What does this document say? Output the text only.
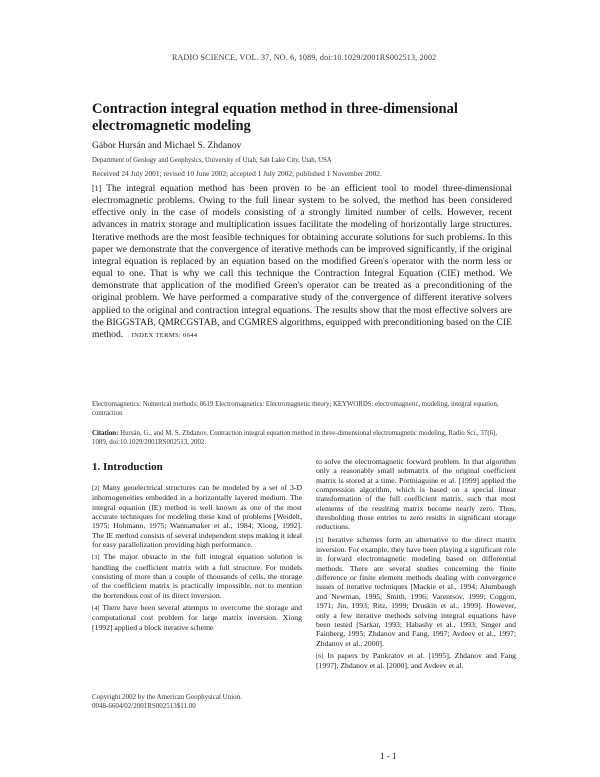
RADIO SCIENCE, VOL. 37, NO. 6, 1089, doi:10.1029/2001RS002513, 2002
Contraction integral equation method in three-dimensional electromagnetic modeling
Gábor Hursán and Michael S. Zhdanov
Department of Geology and Geophysics, University of Utah, Salt Lake City, Utah, USA
Received 24 July 2001; revised 10 June 2002; accepted 1 July 2002; published 1 November 2002.
[1] The integral equation method has been proven to be an efficient tool to model three-dimensional electromagnetic problems. Owing to the full linear system to be solved, the method has been considered effective only in the case of models consisting of a strongly limited number of cells. However, recent advances in matrix storage and multiplication issues facilitate the modeling of horizontally large structures. Iterative methods are the most feasible techniques for obtaining accurate solutions for such problems. In this paper we demonstrate that the convergence of iterative methods can be improved significantly, if the original integral equation is replaced by an equation based on the modified Green's operator with the norm less or equal to one. That is why we call this technique the Contraction Integral Equation (CIE) method. We demonstrate that application of the modified Green's operator can be treated as a preconditioning of the original problem. We have performed a comparative study of the convergence of different iterative solvers applied to the original and contraction integral equations. The results show that the most effective solvers are the BIGGSTAB, QMRCGSTAB, and CGMRES algorithms, equipped with preconditioning based on the CIE method. INDEX TERMS: 0644
Electromagnetics: Numerical methods; 0619 Electromagnetics: Electromagnetic theory; KEYWORDS: electromagnetic, modeling, integral equation, contraction
Citation: Hursán, G., and M. S. Zhdanov, Contraction integral equation method in three-dimensional electromagnetic modeling, Radio Sci., 37(6), 1089, doi:10.1029/2001RS002513, 2002.
1. Introduction

[2] Many geoelectrical structures can be modeled by a set of 3-D inhomogeneities embedded in a horizontally layered medium. The integral equation (IE) method is well known as one of the most accurate techniques for modeling these kind of problems [Weidelt, 1975; Hohmann, 1975; Wannamaker et al., 1984; Xiong, 1992]. The IE method consists of several independent steps making it ideal for easy parallelization providing high performance.

[3] The major obstacle in the full integral equation solution is handling the coefficient matrix with a full structure. For models consisting of more than a couple of thousands of cells, the storage of the coefficient matrix is practically impossible, not to mention the horrendous cost of its direct inversion.

[4] There have been several attempts to overcome the storage and computational cost problem for large matrix inversion. Xiong [1992] applied a block iterative scheme

to solve the electromagnetic forward problem. In that algorithm only a reasonably small submatrix of the original coefficient matrix is stored at a time. Portniaguine et al. [1999] applied the compression algorithm, which is based on a special linear transformation of the full coefficient matrix, such that most elements of the resulting matrix become nearly zero. Thus, thresholding those entries to zero results in significant storage reductions.

[5] Iterative schemes form an alternative to the direct matrix inversion. For example, they have been playing a significant role in forward electromagnetic modeling based on differential methods. There are several studies concerning the finite difference or finite element methods dealing with convergence issues of iterative techniques [Mackie et al., 1994; Alumbaugh and Newman, 1995; Smith, 1996; Varentsov, 1999; Coggon, 1971; Jin, 1993; Ritz, 1999; Druskin et al., 1999]. However, only a few iterative methods solving integral equations have been tested [Sarkar, 1993; Habashy et al., 1993; Singer and Fainberg, 1995; Zhdanov and Fang, 1997; Avdeev et al., 1997; Zhdanov et al., 2000].

[6] In papers by Pankratov et al. [1995], Zhdanov and Fang [1997], Zhdanov et al. [2000], and Avdeev et al.

Copyright 2002 by the American Geophysical Union.
0048-6604/02/2001RS002513$11.00
1 - 1
